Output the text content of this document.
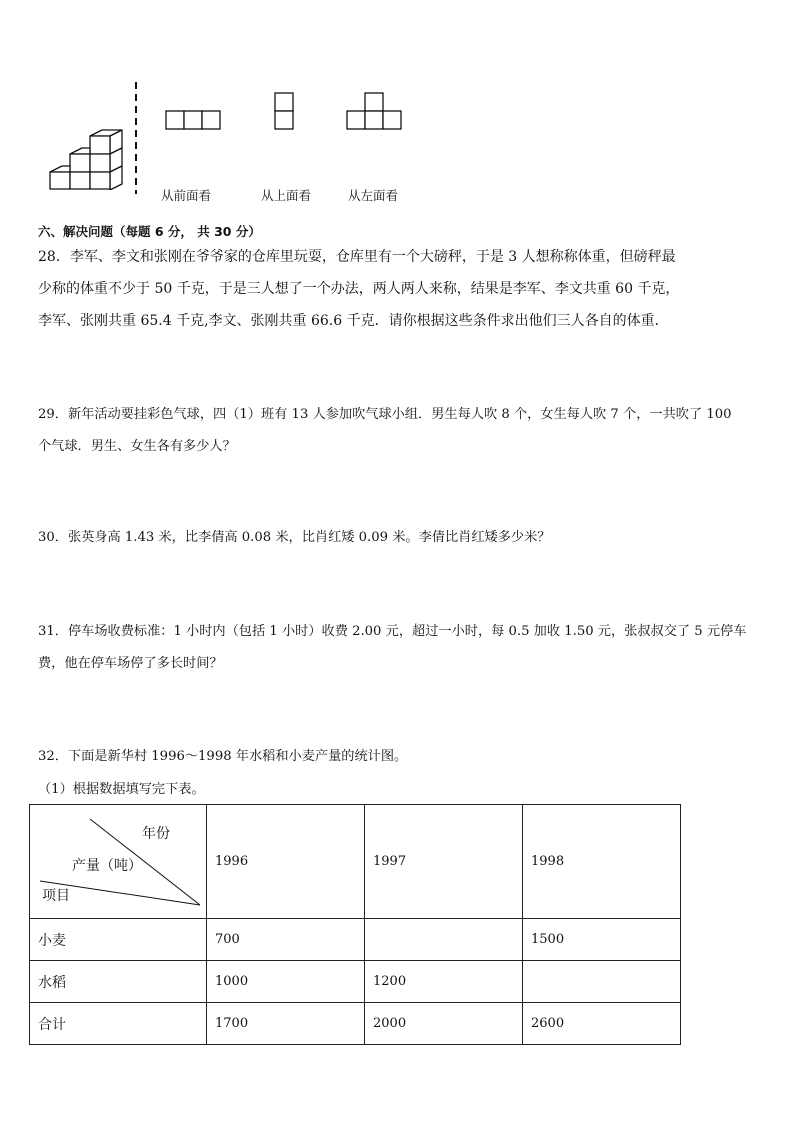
从前面看	从上面看	从左面看
六、解决问题（每题 6 分， 共 30 分）
28．李军、李文和张刚在爷爷家的仓库里玩耍，仓库里有一个大磅秤，于是 3 人想称称体重，但磅秤最
少称的体重不少于 50 千克，于是三人想了一个办法，两人两人来称，结果是李军、李文共重 60 千克，
李军、张刚共重 65.4 千克,李文、张刚共重 66.6 千克．请你根据这些条件求出他们三人各自的体重．
29．新年活动要挂彩色气球，四（1）班有 13 人参加吹气球小组．男生每人吹 8 个，女生每人吹 7 个，一共吹了 100
个气球．男生、女生各有多少人？
30．张英身高 1.43 米，比李倩高 0.08 米，比肖红矮 0.09 米。李倩比肖红矮多少米？
31．停车场收费标准：1 小时内（包括 1 小时）收费 2.00 元，超过一小时，每 0.5 加收 1.50 元，张叔叔交了 5 元停车
费，他在停车场停了多长时间？
32．下面是新华村 1996～1998 年水稻和小麦产量的统计图。
（1）根据数据填写完下表。
年份
产量（吨）
项目	1996	1997	1998
小麦	700		1500
水稻	1000	1200	
合计	1700	2000	2600
